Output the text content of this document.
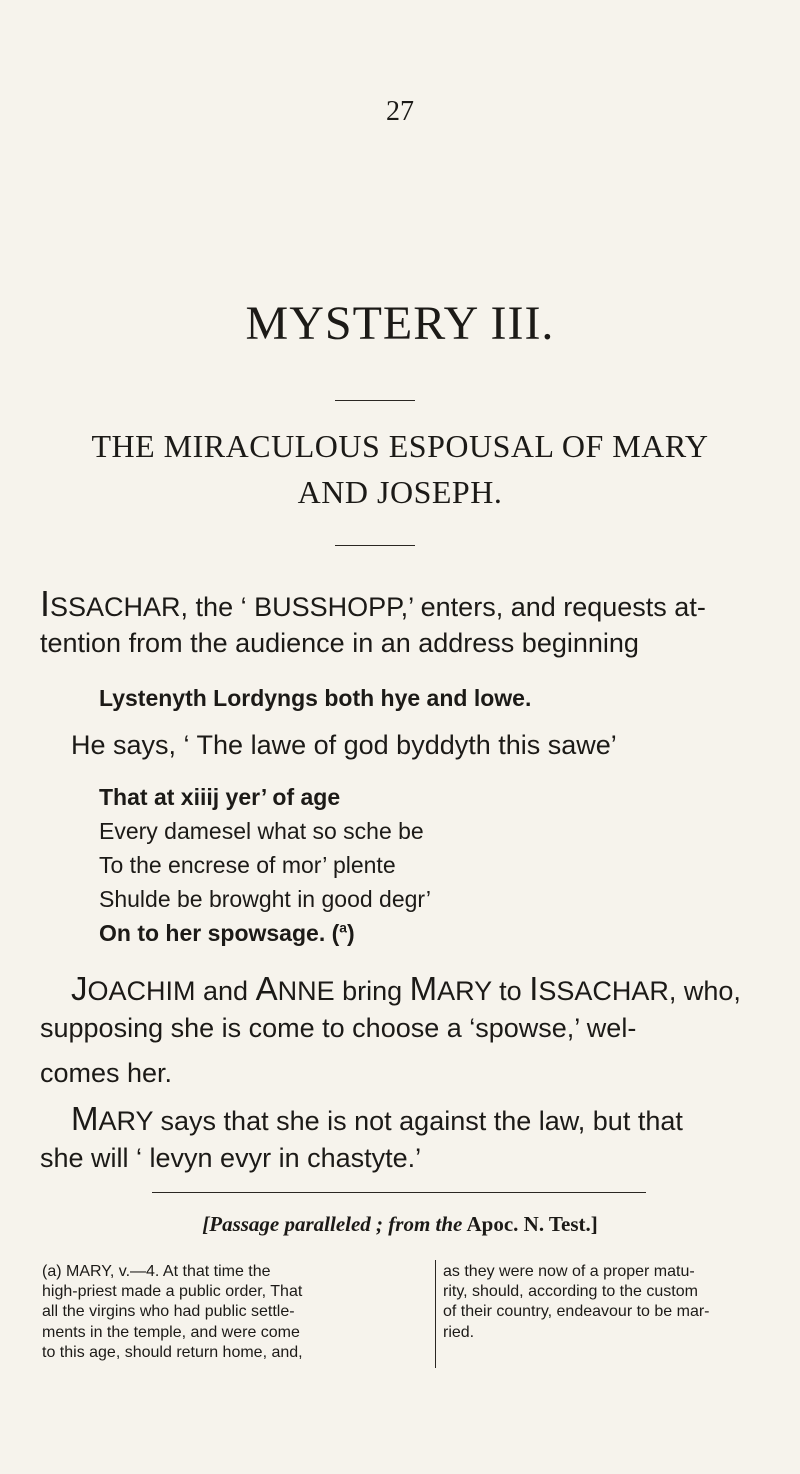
27
MYSTERY III.
THE MIRACULOUS ESPOUSAL OF MARY
AND JOSEPH.
ISSACHAR, the ‘ BUSSHOPP,’ enters, and requests at-
tention from the audience in an address beginning
Lystenyth Lordyngs both hye and lowe.
He says, ‘ The lawe of god byddyth this sawe’
That at xiiij yer’ of age
Every damesel what so sche be
To the encrese of mor’ plente
Shulde be browght in good degr’
On to her spowsage. ($^a$)
JOACHIM and ANNE bring MARY to ISSACHAR, who,
supposing she is come to choose a ‘spowse,’ wel-
comes her.
MARY says that she is not against the law, but that
she will ‘ levyn evyr in chastyte.’
[Passage paralleled ; from the Apoc. N. Test.]
(a) MARY, v.—4. At that time the
high-priest made a public order, That
all the virgins who had public settle-
ments in the temple, and were come
to this age, should return home, and,
as they were now of a proper matu-
rity, should, according to the custom
of their country, endeavour to be mar-
ried.
